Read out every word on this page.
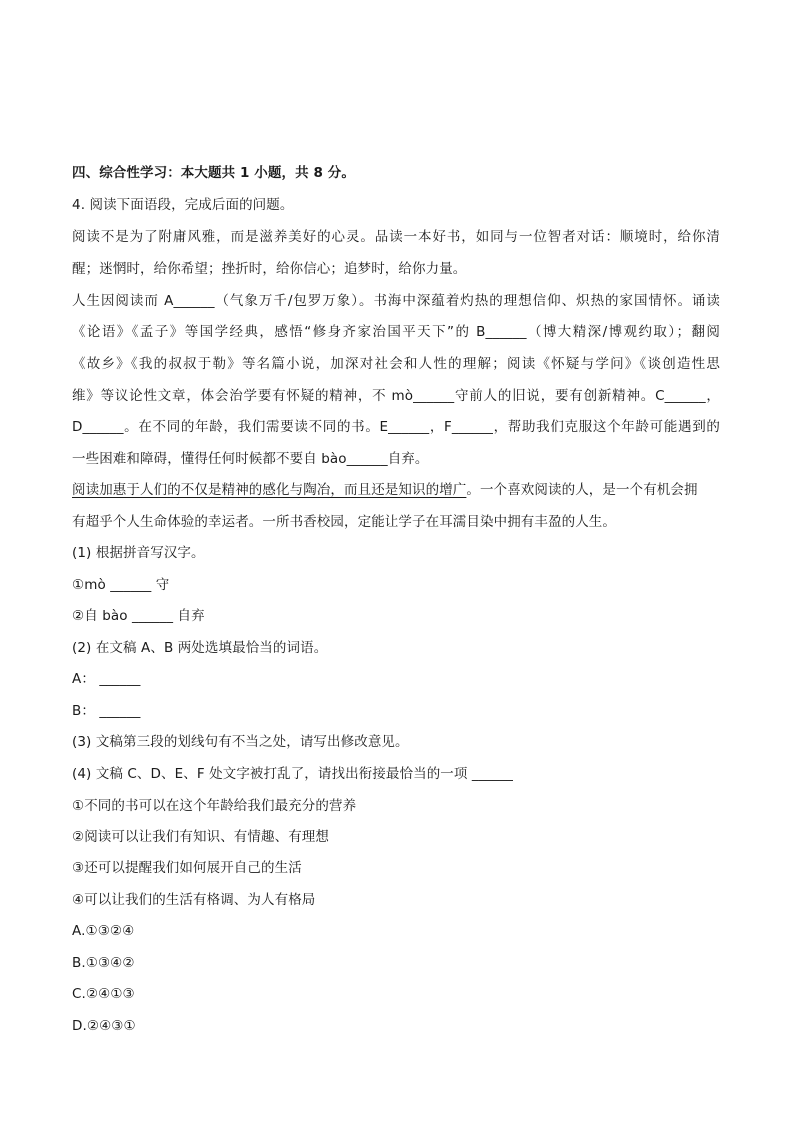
四、综合性学习：本大题共 1 小题，共 8 分。
4. 阅读下面语段，完成后面的问题。
阅读不是为了附庸风雅，而是滋养美好的心灵。品读一本好书，如同与一位智者对话：顺境时，给你清
醒；迷惘时，给你希望；挫折时，给你信心；追梦时，给你力量。
人生因阅读而 A______（气象万千/包罗万象）。书海中深蕴着灼热的理想信仰、炽热的家国情怀。诵读
《论语》《孟子》等国学经典，感悟“修身齐家治国平天下”的 B______（博大精深/博观约取）；翻阅
《故乡》《我的叔叔于勒》等名篇小说，加深对社会和人性的理解；阅读《怀疑与学问》《谈创造性思
维》等议论性文章，体会治学要有怀疑的精神，不 mò______守前人的旧说，要有创新精神。C______，
D______。在不同的年龄，我们需要读不同的书。E______，F______，帮助我们克服这个年龄可能遇到的
一些困难和障碍，懂得任何时候都不要自 bào______自弃。
阅读加惠于人们的不仅是精神的感化与陶冶，而且还是知识的增广。一个喜欢阅读的人，是一个有机会拥
有超乎个人生命体验的幸运者。一所书香校园，定能让学子在耳濡目染中拥有丰盈的人生。
(1) 根据拼音写汉字。
①mò ______ 守
②自 bào ______ 自弃
(2) 在文稿 A、B 两处选填最恰当的词语。
A： ______
B： ______
(3) 文稿第三段的划线句有不当之处，请写出修改意见。
(4) 文稿 C、D、E、F 处文字被打乱了，请找出衔接最恰当的一项 ______
①不同的书可以在这个年龄给我们最充分的营养
②阅读可以让我们有知识、有情趣、有理想
③还可以提醒我们如何展开自己的生活
④可以让我们的生活有格调、为人有格局
A.①③②④
B.①③④②
C.②④①③
D.②④③①
